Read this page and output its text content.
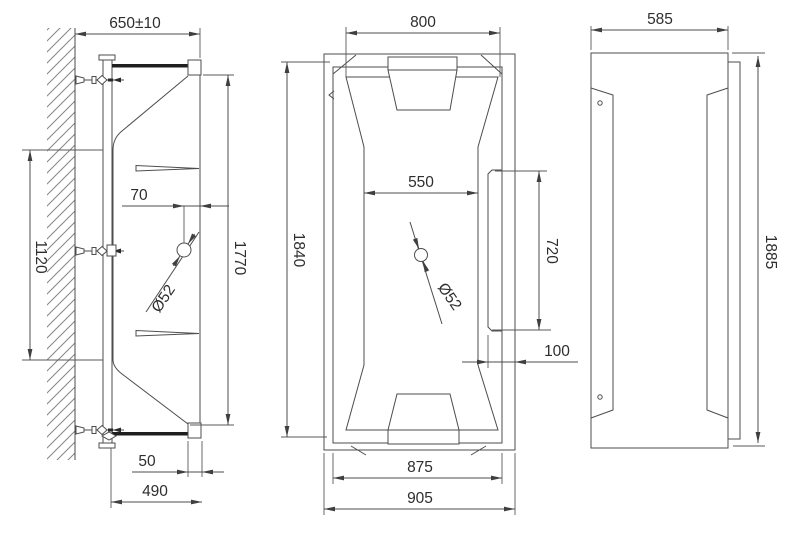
650±10
1120
70
1770
Ø52
50
490
Ø52
800
1840
550
720
100
875
905
585
1885
